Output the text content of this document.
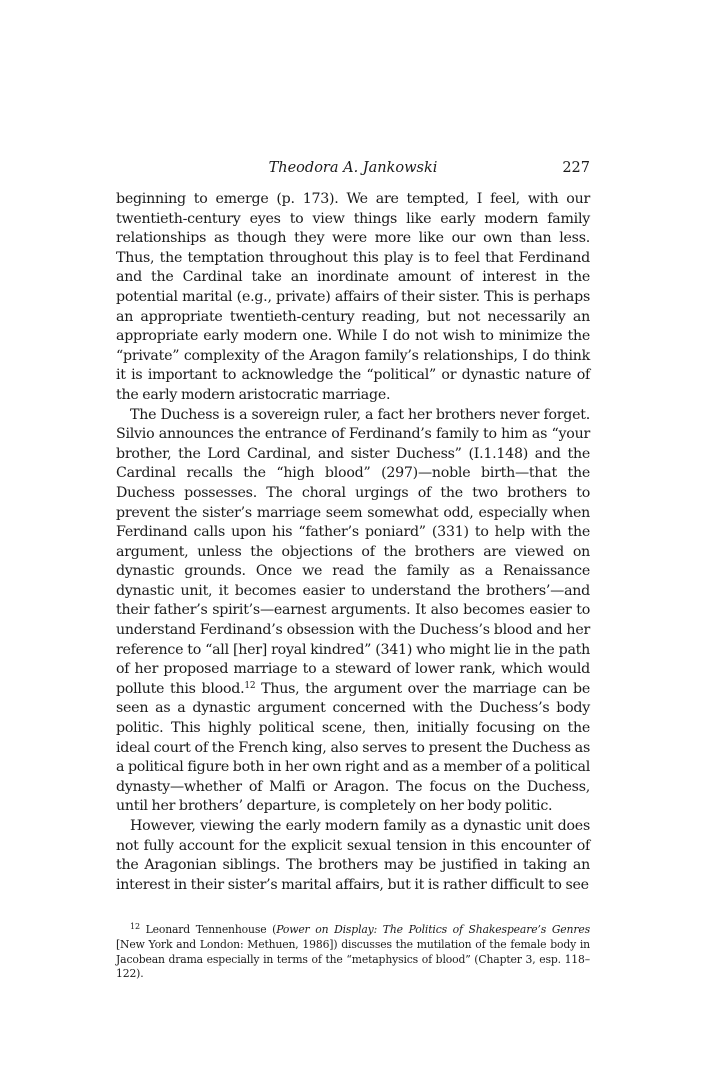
Theodora A. Jankowski	227

beginning to emerge (p. 173). We are tempted, I feel, with our twentieth-century eyes to view things like early modern family relationships as though they were more like our own than less. Thus, the temptation throughout this play is to feel that Ferdinand and the Cardinal take an inordinate amount of interest in the potential marital (e.g., private) affairs of their sister. This is perhaps an appropriate twentieth-century reading, but not necessarily an appropriate early modern one. While I do not wish to minimize the “private” complexity of the Aragon family’s relationships, I do think it is important to acknowledge the “political” or dynastic nature of the early modern aristocratic marriage.

The Duchess is a sovereign ruler, a fact her brothers never forget. Silvio announces the entrance of Ferdinand’s family to him as “your brother, the Lord Cardinal, and sister Duchess” (I.1.148) and the Cardinal recalls the “high blood” (297)—noble birth—that the Duchess possesses. The choral urgings of the two brothers to prevent the sister’s marriage seem somewhat odd, especially when Ferdinand calls upon his “father’s poniard” (331) to help with the argument, unless the objections of the brothers are viewed on dynastic grounds. Once we read the family as a Renaissance dynastic unit, it becomes easier to understand the brothers’—and their father’s spirit’s—earnest arguments. It also becomes easier to understand Ferdinand’s obsession with the Duchess’s blood and her reference to “all [her] royal kindred” (341) who might lie in the path of her proposed marriage to a steward of lower rank, which would pollute this blood.$^{12}$ Thus, the argument over the marriage can be seen as a dynastic argument concerned with the Duchess’s body politic. This highly political scene, then, initially focusing on the ideal court of the French king, also serves to present the Duchess as a political figure both in her own right and as a member of a political dynasty—whether of Malfi or Aragon. The focus on the Duchess, until her brothers’ departure, is completely on her body politic.

However, viewing the early modern family as a dynastic unit does not fully account for the explicit sexual tension in this encounter of the Aragonian siblings. The brothers may be justified in taking an interest in their sister’s marital affairs, but it is rather difficult to see

$^{12}$ Leonard Tennenhouse (Power on Display: The Politics of Shakespeare’s Genres [New York and London: Methuen, 1986]) discusses the mutilation of the female body in Jacobean drama especially in terms of the “metaphysics of blood” (Chapter 3, esp. 118–122).
